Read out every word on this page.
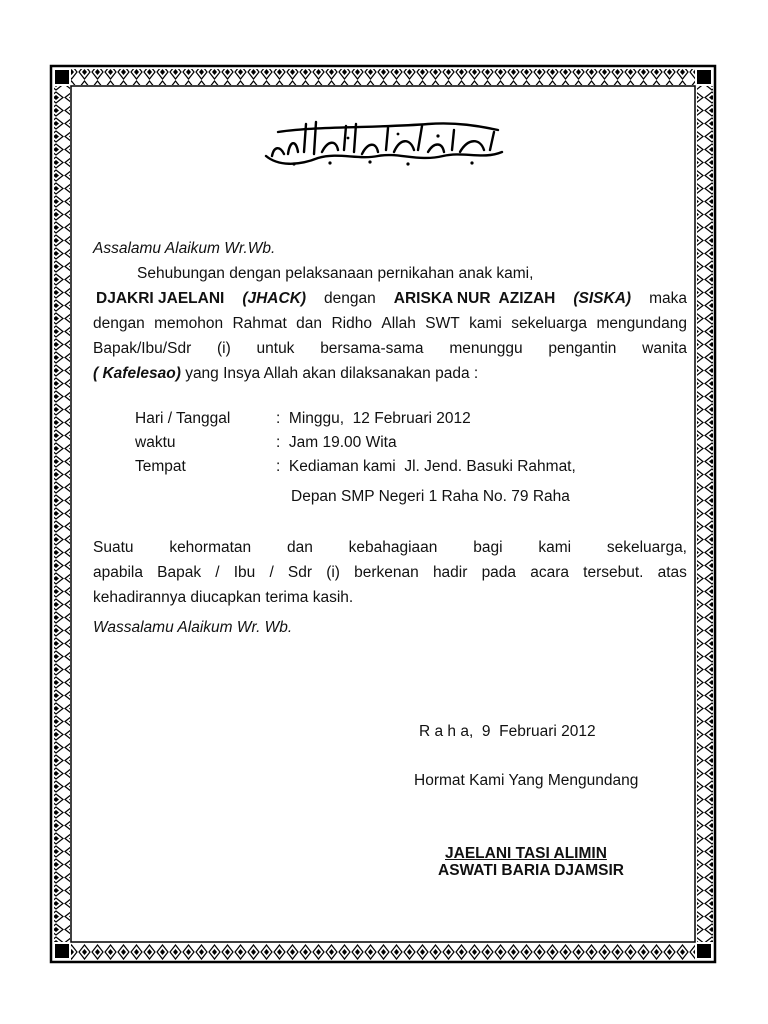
Assalamu Alaikum Wr.Wb.
Sehubungan dengan pelaksanaan pernikahan anak kami,
DJAKRI JAELANI (JHACK) dengan ARISKA NUR  AZIZAH (SISKA) maka
dengan memohon Rahmat dan Ridho Allah SWT kami sekeluarga mengundang
Bapak/Ibu/Sdr (i) untuk bersama-sama menunggu pengantin wanita
( Kafelesao) yang Insya Allah akan dilaksanakan pada :
Hari / Tanggal	:  Minggu,  12 Februari 2012
waktu	:  Jam 19.00 Wita
Tempat	:  Kediaman kami  Jl. Jend. Basuki Rahmat,
Depan SMP Negeri 1 Raha No. 79 Raha
Suatu kehormatan dan kebahagiaan bagi kami sekeluarga,
apabila Bapak / Ibu / Sdr (i) berkenan hadir pada acara tersebut. atas
kehadirannya diucapkan terima kasih.
Wassalamu Alaikum Wr. Wb.
R a h a,  9  Februari 2012
Hormat Kami Yang Mengundang
JAELANI TASI ALIMIN
ASWATI BARIA DJAMSIR
